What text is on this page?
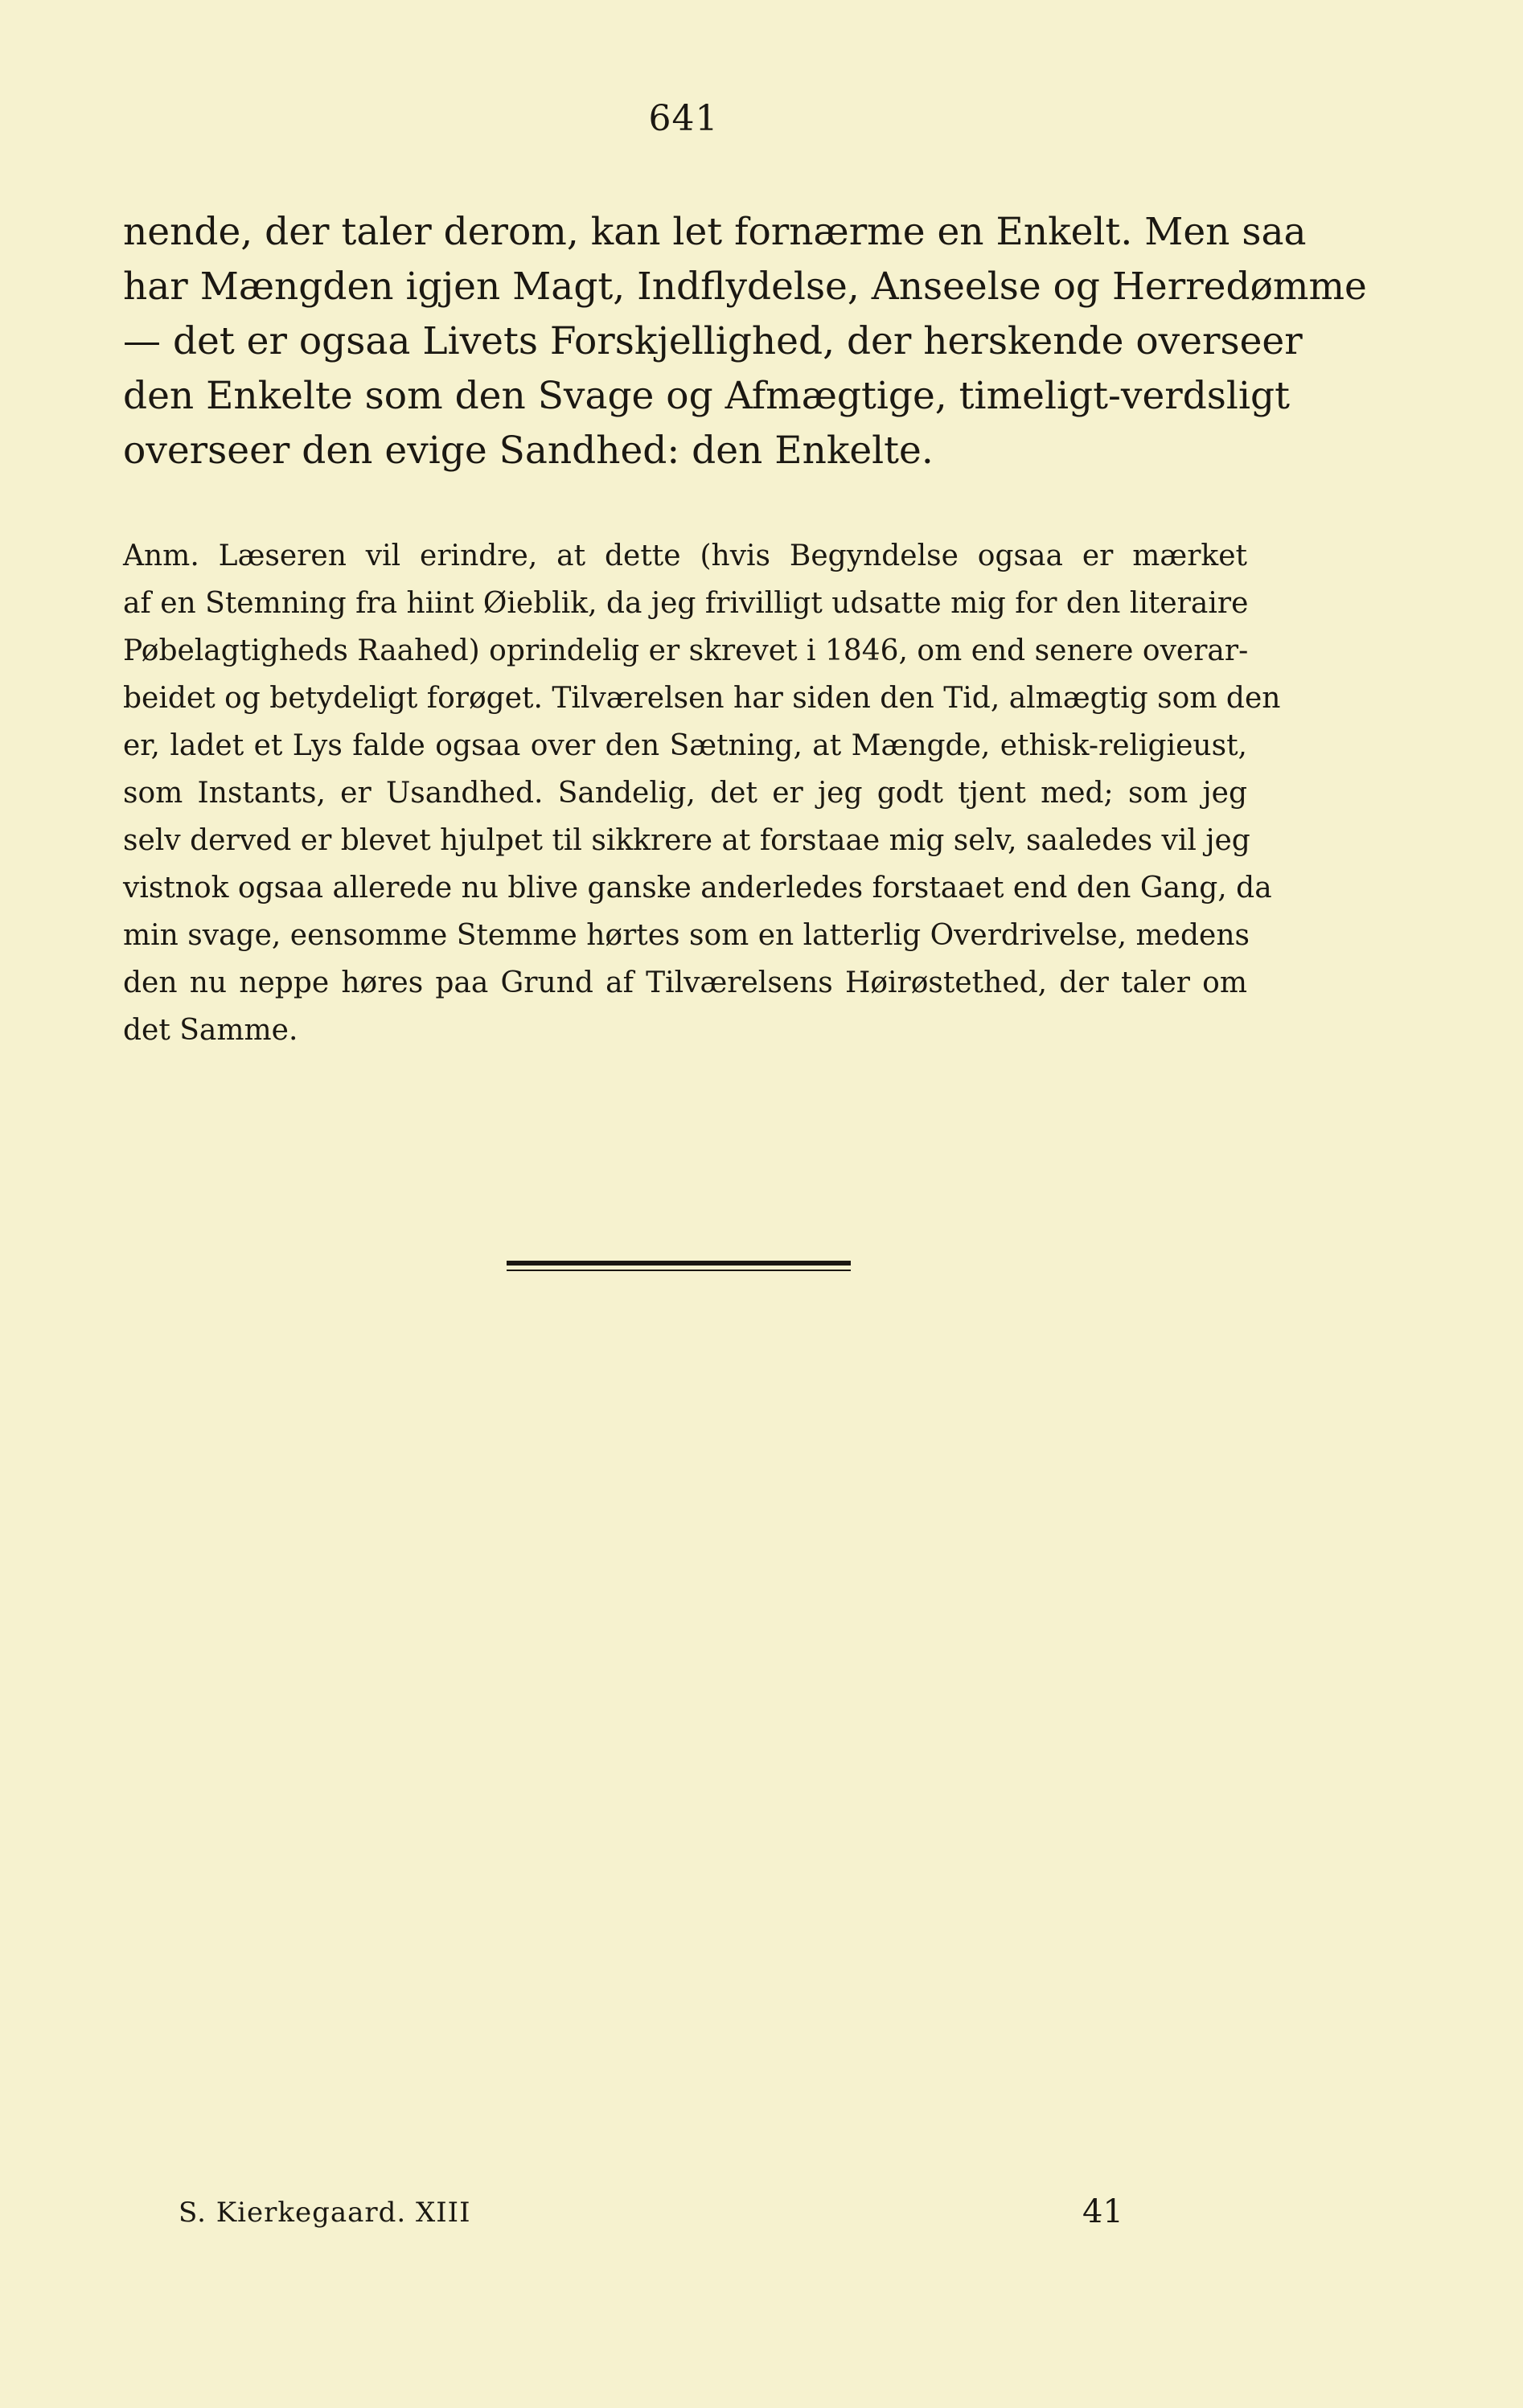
641
nende, der taler derom, kan let fornærme en Enkelt. Men saa
har Mængden igjen Magt, Indflydelse, Anseelse og Herredømme
— det er ogsaa Livets Forskjellighed, der herskende overseer
den Enkelte som den Svage og Afmægtige, timeligt-verdsligt
overseer den evige Sandhed: den Enkelte.
Anm. Læseren vil erindre, at dette (hvis Begyndelse ogsaa er mærket
af en Stemning fra hiint Øieblik, da jeg frivilligt udsatte mig for den literaire
Pøbelagtigheds Raahed) oprindelig er skrevet i 1846, om end senere overar-
beidet og betydeligt forøget. Tilværelsen har siden den Tid, almægtig som den
er, ladet et Lys falde ogsaa over den Sætning, at Mængde, ethisk-religieust,
som Instants, er Usandhed. Sandelig, det er jeg godt tjent med; som jeg
selv derved er blevet hjulpet til sikkrere at forstaae mig selv, saaledes vil jeg
vistnok ogsaa allerede nu blive ganske anderledes forstaaet end den Gang, da
min svage, eensomme Stemme hørtes som en latterlig Overdrivelse, medens
den nu neppe høres paa Grund af Tilværelsens Høirøstethed, der taler om
det Samme.
S. Kierkegaard. XIII	41
